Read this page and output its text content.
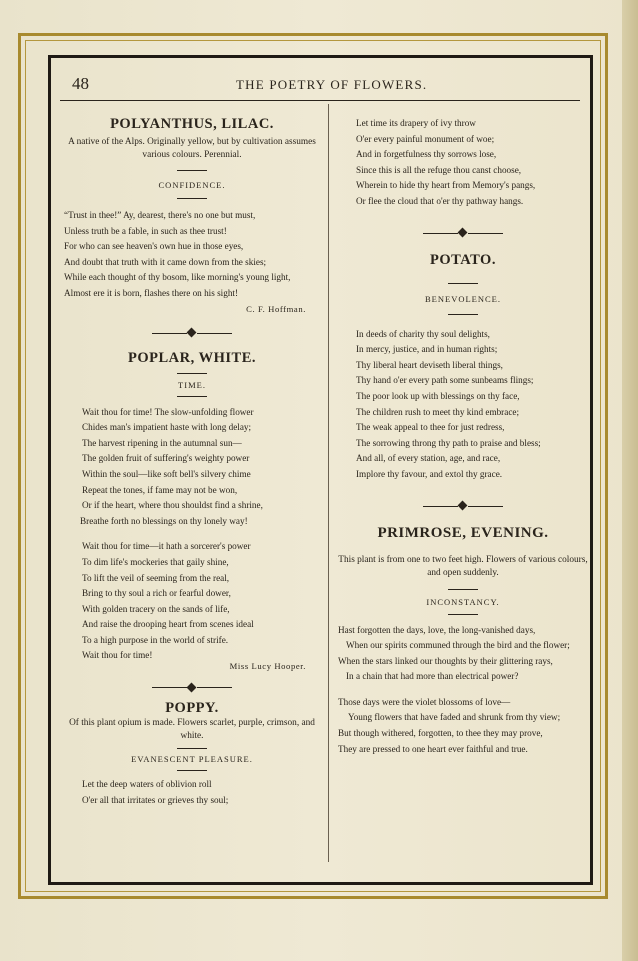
48	THE POETRY OF FLOWERS.
POLYANTHUS, LILAC.

A native of the Alps. Originally yellow, but by cultivation assumes various colours. Perennial.

CONFIDENCE.

“Trust in thee!” Ay, dearest, there's no one but must,

Unless truth be a fable, in such as thee trust!

For who can see heaven's own hue in those eyes,

And doubt that truth with it came down from the skies;

While each thought of thy bosom, like morning's young light,

Almost ere it is born, flashes there on his sight!

C. F. Hoffman.

POPLAR, WHITE.

TIME.

Wait thou for time! The slow-unfolding flower

Chides man's impatient haste with long delay;

The harvest ripening in the autumnal sun—

The golden fruit of suffering's weighty power

Within the soul—like soft bell's silvery chime

Repeat the tones, if fame may not be won,

Or if the heart, where thou shouldst find a shrine,

Breathe forth no blessings on thy lonely way!

Wait thou for time—it hath a sorcerer's power

To dim life's mockeries that gaily shine,

To lift the veil of seeming from the real,

Bring to thy soul a rich or fearful dower,

With golden tracery on the sands of life,

And raise the drooping heart from scenes ideal

To a high purpose in the world of strife.

Wait thou for time!

Miss Lucy Hooper.

POPPY.

Of this plant opium is made. Flowers scarlet, purple, crimson, and white.

EVANESCENT PLEASURE.

Let the deep waters of oblivion roll

O'er all that irritates or grieves thy soul;

Let time its drapery of ivy throw

O'er every painful monument of woe;

And in forgetfulness thy sorrows lose,

Since this is all the refuge thou canst choose,

Wherein to hide thy heart from Memory's pangs,

Or flee the cloud that o'er thy pathway hangs.

POTATO.

BENEVOLENCE.

In deeds of charity thy soul delights,

In mercy, justice, and in human rights;

Thy liberal heart deviseth liberal things,

Thy hand o'er every path some sunbeams flings;

The poor look up with blessings on thy face,

The children rush to meet thy kind embrace;

The weak appeal to thee for just redress,

The sorrowing throng thy path to praise and bless;

And all, of every station, age, and race,

Implore thy favour, and extol thy grace.

PRIMROSE, EVENING.

This plant is from one to two feet high. Flowers of various colours, and open suddenly.

INCONSTANCY.

Hast forgotten the days, love, the long-vanished days,

When our spirits communed through the bird and the flower;

When the stars linked our thoughts by their glittering rays,

In a chain that had more than electrical power?

Those days were the violet blossoms of love—

Young flowers that have faded and shrunk from thy view;

But though withered, forgotten, to thee they may prove,

They are pressed to one heart ever faithful and true.
